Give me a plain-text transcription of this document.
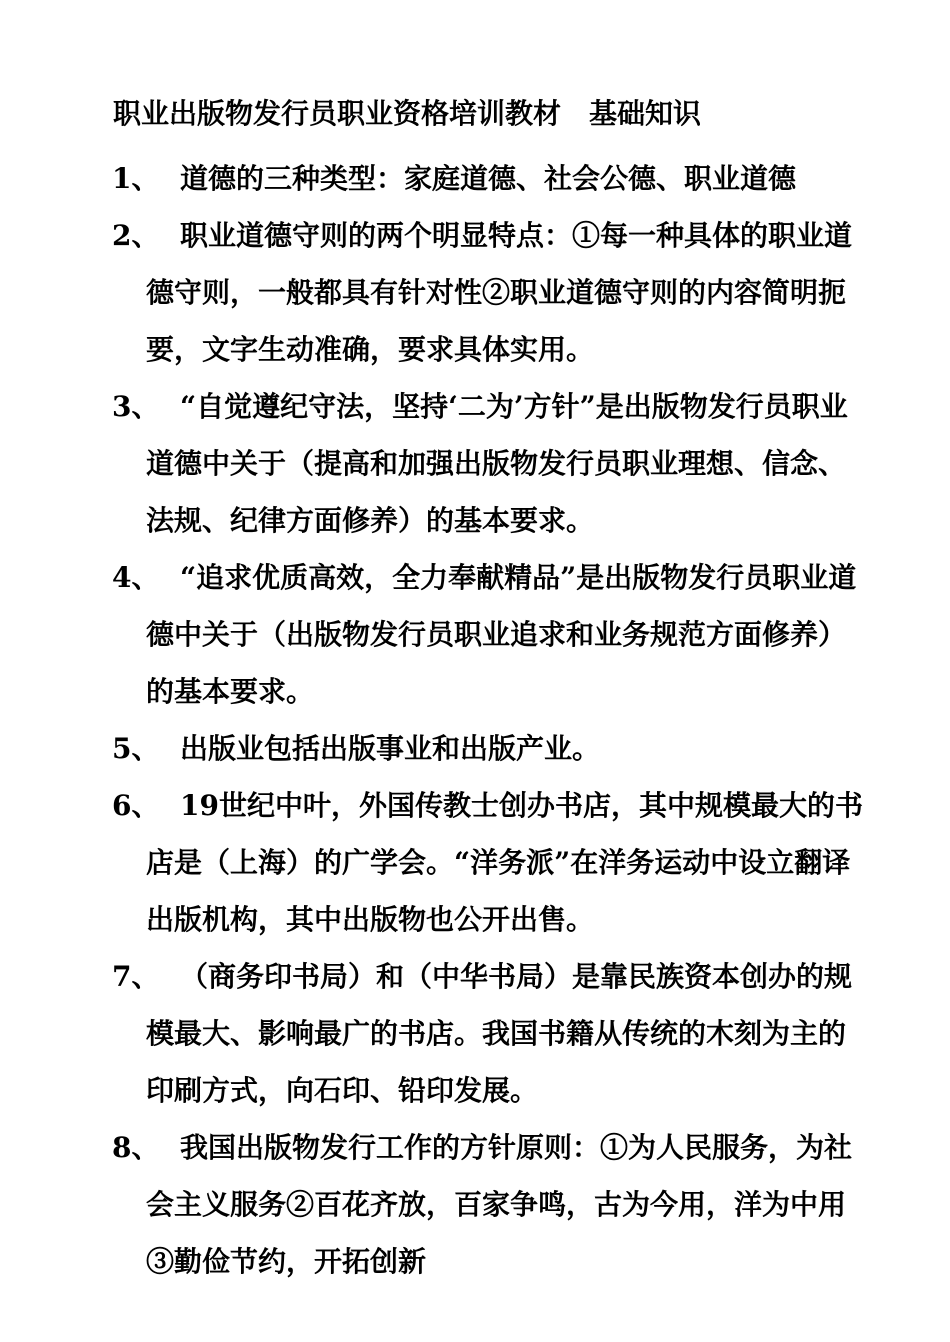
职业出版物发行员职业资格培训教材　基础知识
1、 道德的三种类型：家庭道德、社会公德、职业道德
2、 职业道德守则的两个明显特点：①每一种具体的职业道德守则，一般都具有针对性②职业道德守则的内容简明扼要，文字生动准确，要求具体实用。
3、 “自觉遵纪守法，坚持‘二为’方针”是出版物发行员职业道德中关于（提高和加强出版物发行员职业理想、信念、法规、纪律方面修养）的基本要求。
4、 “追求优质高效，全力奉献精品”是出版物发行员职业道德中关于（出版物发行员职业追求和业务规范方面修养）的基本要求。
5、 出版业包括出版事业和出版产业。
6、 19世纪中叶，外国传教士创办书店，其中规模最大的书店是（上海）的广学会。“洋务派”在洋务运动中设立翻译出版机构，其中出版物也公开出售。
7、 （商务印书局）和（中华书局）是靠民族资本创办的规模最大、影响最广的书店。我国书籍从传统的木刻为主的印刷方式，向石印、铅印发展。
8、 我国出版物发行工作的方针原则：①为人民服务，为社会主义服务②百花齐放，百家争鸣，古为今用，洋为中用③勤俭节约，开拓创新
